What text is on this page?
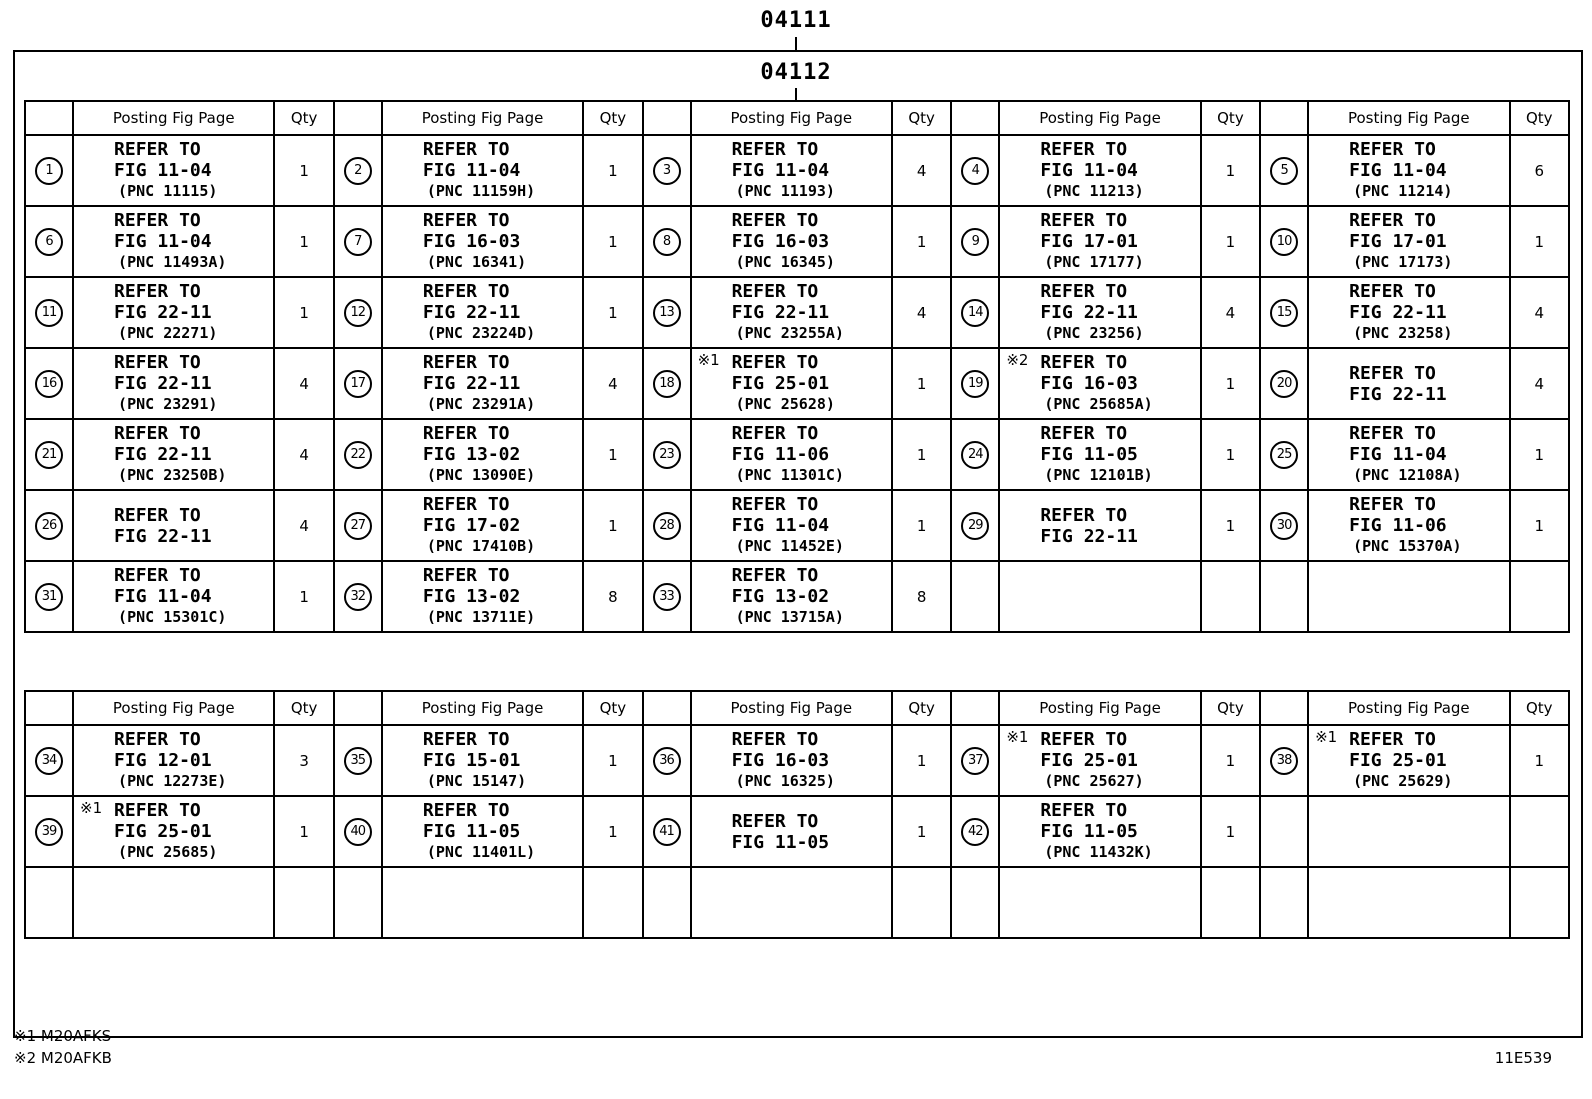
04111
04112
	Posting Fig Page	Qty		Posting Fig Page	Qty		Posting Fig Page	Qty		Posting Fig Page	Qty		Posting Fig Page	Qty
1	REFER TO
FIG 11-04
(PNC 11115)	1	2	REFER TO
FIG 11-04
(PNC 11159H)	1	3	REFER TO
FIG 11-04
(PNC 11193)	4	4	REFER TO
FIG 11-04
(PNC 11213)	1	5	REFER TO
FIG 11-04
(PNC 11214)	6
6	REFER TO
FIG 11-04
(PNC 11493A)	1	7	REFER TO
FIG 16-03
(PNC 16341)	1	8	REFER TO
FIG 16-03
(PNC 16345)	1	9	REFER TO
FIG 17-01
(PNC 17177)	1	10	REFER TO
FIG 17-01
(PNC 17173)	1
11	REFER TO
FIG 22-11
(PNC 22271)	1	12	REFER TO
FIG 22-11
(PNC 23224D)	1	13	REFER TO
FIG 22-11
(PNC 23255A)	4	14	REFER TO
FIG 22-11
(PNC 23256)	4	15	REFER TO
FIG 22-11
(PNC 23258)	4
16	REFER TO
FIG 22-11
(PNC 23291)	4	17	REFER TO
FIG 22-11
(PNC 23291A)	4	18	※1 REFER TO
FIG 25-01
(PNC 25628)	1	19	※2 REFER TO
FIG 16-03
(PNC 25685A)	1	20	REFER TO
FIG 22-11	4
21	REFER TO
FIG 22-11
(PNC 23250B)	4	22	REFER TO
FIG 13-02
(PNC 13090E)	1	23	REFER TO
FIG 11-06
(PNC 11301C)	1	24	REFER TO
FIG 11-05
(PNC 12101B)	1	25	REFER TO
FIG 11-04
(PNC 12108A)	1
26	REFER TO
FIG 22-11	4	27	REFER TO
FIG 17-02
(PNC 17410B)	1	28	REFER TO
FIG 11-04
(PNC 11452E)	1	29	REFER TO
FIG 22-11	1	30	REFER TO
FIG 11-06
(PNC 15370A)	1
31	REFER TO
FIG 11-04
(PNC 15301C)	1	32	REFER TO
FIG 13-02
(PNC 13711E)	8	33	REFER TO
FIG 13-02
(PNC 13715A)	8						
	Posting Fig Page	Qty		Posting Fig Page	Qty		Posting Fig Page	Qty		Posting Fig Page	Qty		Posting Fig Page	Qty
34	REFER TO
FIG 12-01
(PNC 12273E)	3	35	REFER TO
FIG 15-01
(PNC 15147)	1	36	REFER TO
FIG 16-03
(PNC 16325)	1	37	※1 REFER TO
FIG 25-01
(PNC 25627)	1	38	※1 REFER TO
FIG 25-01
(PNC 25629)	1
39	※1 REFER TO
FIG 25-01
(PNC 25685)	1	40	REFER TO
FIG 11-05
(PNC 11401L)	1	41	REFER TO
FIG 11-05	1	42	REFER TO
FIG 11-05
(PNC 11432K)	1			

※1 M20AFKS
※2 M20AFKB	11E539
